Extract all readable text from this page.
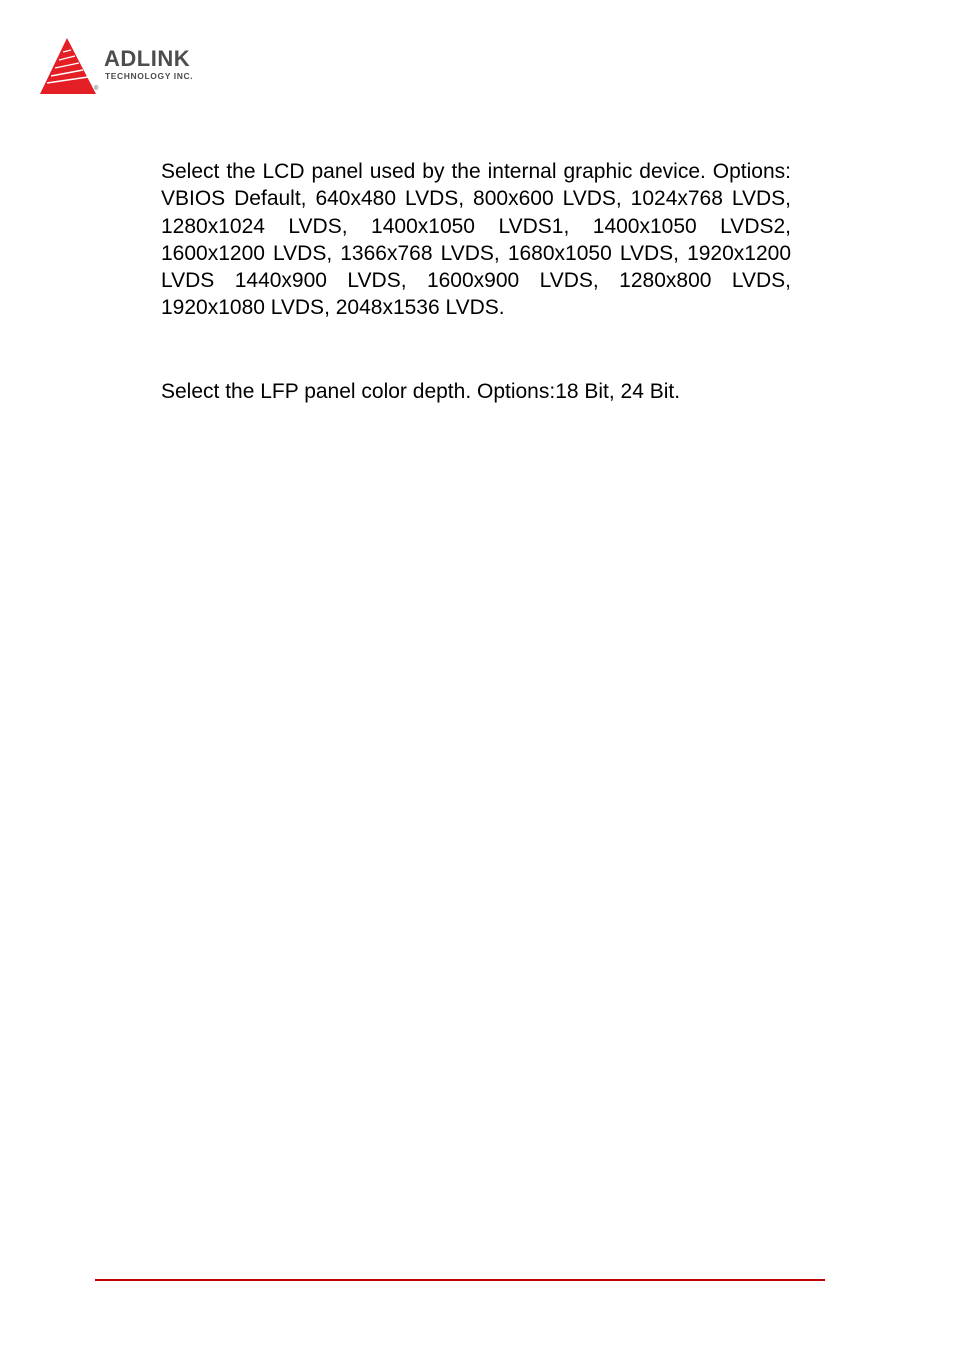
®
ADLINK
TECHNOLOGY INC.

Select the LCD panel used by the internal graphic device. Options: VBIOS Default, 640x480 LVDS, 800x600 LVDS, 1024x768 LVDS, 1280x1024 LVDS, 1400x1050 LVDS1, 1400x1050 LVDS2, 1600x1200 LVDS, 1366x768 LVDS, 1680x1050 LVDS, 1920x1200 LVDS 1440x900 LVDS, 1600x900 LVDS, 1280x800 LVDS, 1920x1080 LVDS, 2048x1536 LVDS.

Select the LFP panel color depth. Options:18 Bit, 24 Bit.
